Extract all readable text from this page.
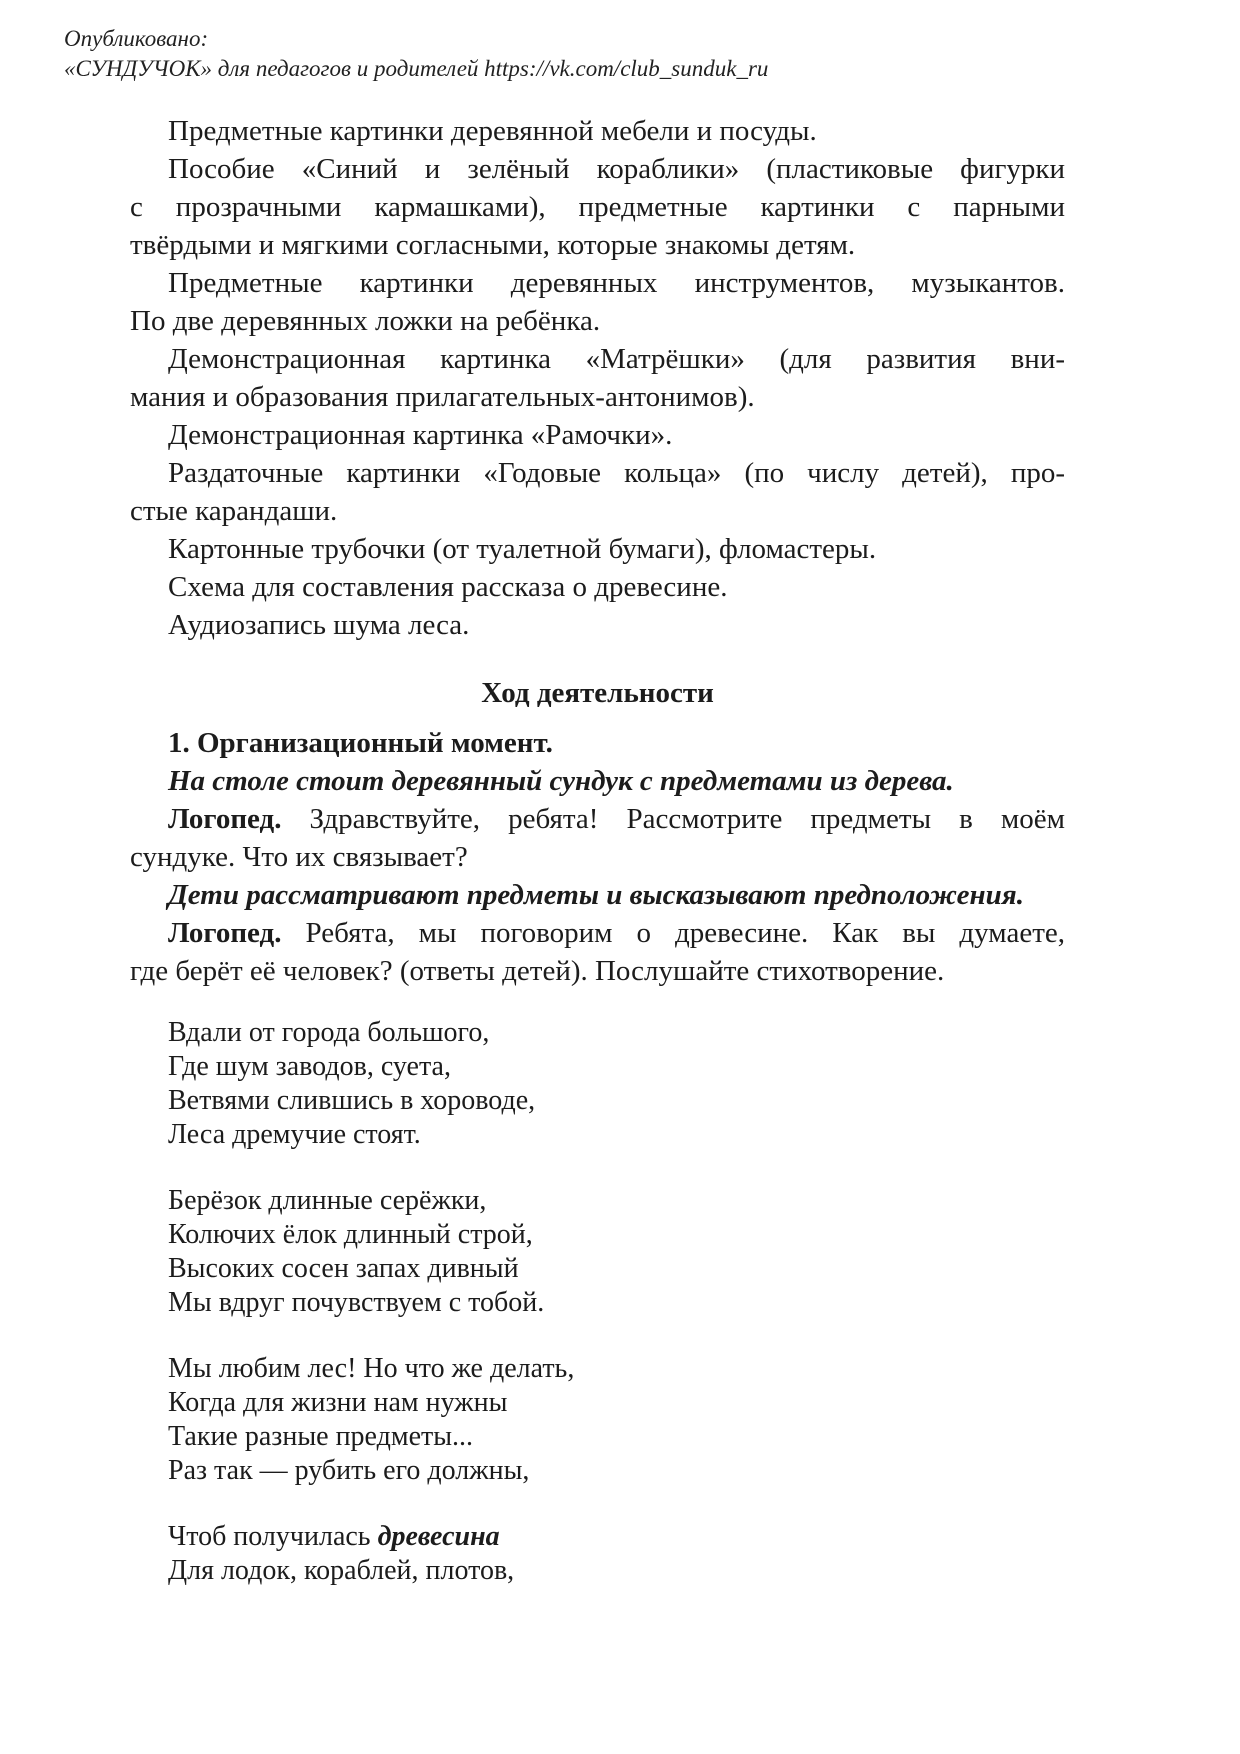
Опубликовано:
«СУНДУЧОК» для педагогов и родителей https://vk.com/club_sunduk_ru
Предметные картинки деревянной мебели и посуды.
Пособие «Синий и зелёный кораблики» (пластиковые фигурки
с прозрачными кармашками), предметные картинки с парными
твёрдыми и мягкими согласными, которые знакомы детям.
Предметные картинки деревянных инструментов, музыкантов.
По две деревянных ложки на ребёнка.
Демонстрационная картинка «Матрёшки» (для развития вни-
мания и образования прилагательных-антонимов).
Демонстрационная картинка «Рамочки».
Раздаточные картинки «Годовые кольца» (по числу детей), про-
стые карандаши.
Картонные трубочки (от туалетной бумаги), фломастеры.
Схема для составления рассказа о древесине.
Аудиозапись шума леса.
Ход деятельности
1. Организационный момент.
На столе стоит деревянный сундук с предметами из дерева.
Логопед. Здравствуйте, ребята! Рассмотрите предметы в моём
сундуке. Что их связывает?
Дети рассматривают предметы и высказывают предположения.
Логопед. Ребята, мы поговорим о древесине. Как вы думаете,
где берёт её человек? (ответы детей). Послушайте стихотворение.
Вдали от города большого,
Где шум заводов, суета,
Ветвями слившись в хороводе,
Леса дремучие стоят.
Берёзок длинные серёжки,
Колючих ёлок длинный строй,
Высоких сосен запах дивный
Мы вдруг почувствуем с тобой.
Мы любим лес! Но что же делать,
Когда для жизни нам нужны
Такие разные предметы...
Раз так — рубить его должны,
Чтоб получилась древесина
Для лодок, кораблей, плотов,
